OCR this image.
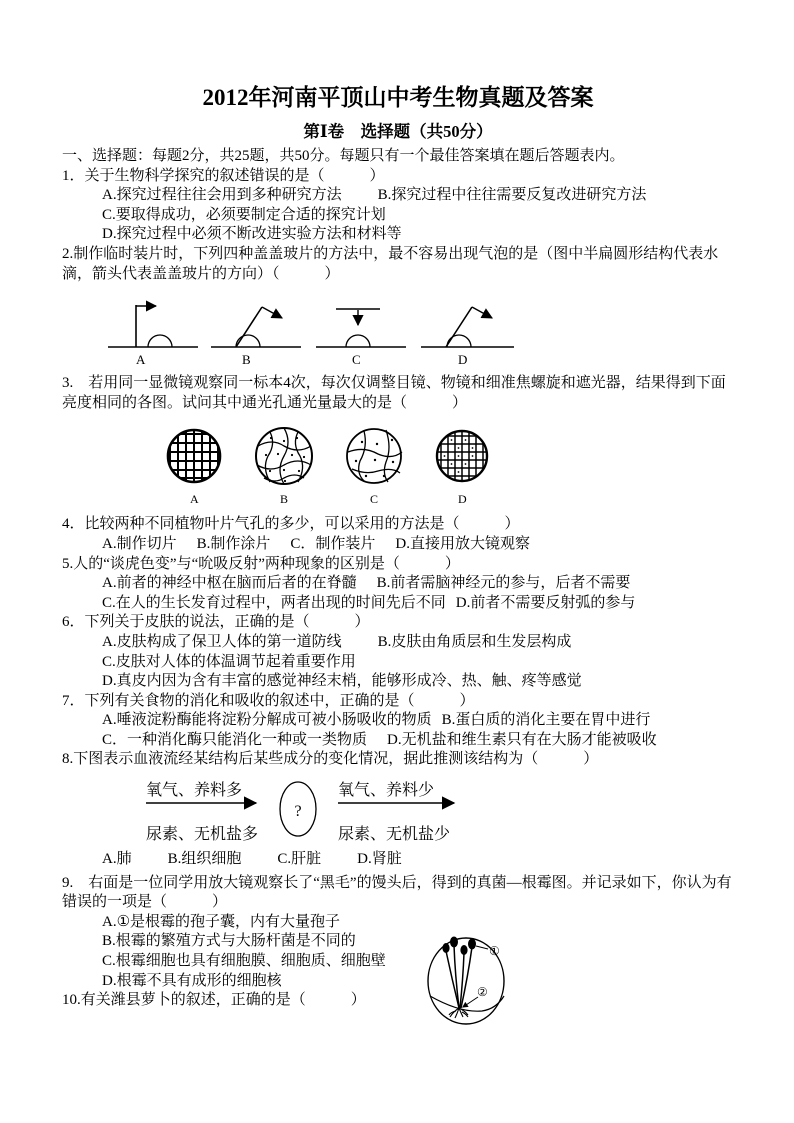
2012年河南平顶山中考生物真题及答案

第Ⅰ卷　选择题（共50分）

一、选择题：每题2分，共25题，共50分。每题只有一个最佳答案填在题后答题表内。

1．关于生物科学探究的叙述错误的是（　　　）

A.探究过程往往会用到多种研究方法 B.探究过程中往往需要反复改进研究方法

C.要取得成功，必须要制定合适的探究计划

D.探究过程中必须不断改进实验方法和材料等

2.制作临时装片时，下列四种盖盖玻片的方法中，最不容易出现气泡的是（图中半扁圆形结构代表水滴，箭头代表盖盖玻片的方向）（　　　）

A	B	C	D

3.　若用同一显微镜观察同一标本4次，每次仅调整目镜、物镜和细准焦螺旋和遮光器，结果得到下面亮度相同的各图。试问其中通光孔通光量最大的是（　　　）

A	B	C	D

4．比较两种不同植物叶片气孔的多少，可以采用的方法是（　　　）

A.制作切片 B.制作涂片 C．制作装片 D.直接用放大镜观察

5.人的“谈虎色变”与“吮吸反射”两种现象的区别是（　　　）

A.前者的神经中枢在脑而后者的在脊髓 B.前者需脑神经元的参与，后者不需要

C.在人的生长发育过程中，两者出现的时间先后不同 D.前者不需要反射弧的参与

6．下列关于皮肤的说法，正确的是（　　　）

A.皮肤构成了保卫人体的第一道防线 B.皮肤由角质层和生发层构成

C.皮肤对人体的体温调节起着重要作用

D.真皮内因为含有丰富的感觉神经末梢，能够形成冷、热、触、疼等感觉

7．下列有关食物的消化和吸收的叙述中，正确的是（　　　）

A.唾液淀粉酶能将淀粉分解成可被小肠吸收的物质 B.蛋白质的消化主要在胃中进行

C．一种消化酶只能消化一种或一类物质 D.无机盐和维生素只有在大肠才能被吸收

8.下图表示血液流经某结构后某些成分的变化情况，据此推测该结构为（　　　）

氧气、养料多
尿素、无机盐多
?
氧气、养料少
尿素、无机盐少

A.肺 B.组织细胞 C.肝脏 D.肾脏

9.　右面是一位同学用放大镜观察长了“黑毛”的馒头后，得到的真菌—根霉图。并记录如下，你认为有错误的一项是（　　　）

A.①是根霉的孢子囊，内有大量孢子

B.根霉的繁殖方式与大肠杆菌是不同的

C.根霉细胞也具有细胞膜、细胞质、细胞壁

D.根霉不具有成形的细胞核

10.有关潍县萝卜的叙述，正确的是（　　　）

①
②
